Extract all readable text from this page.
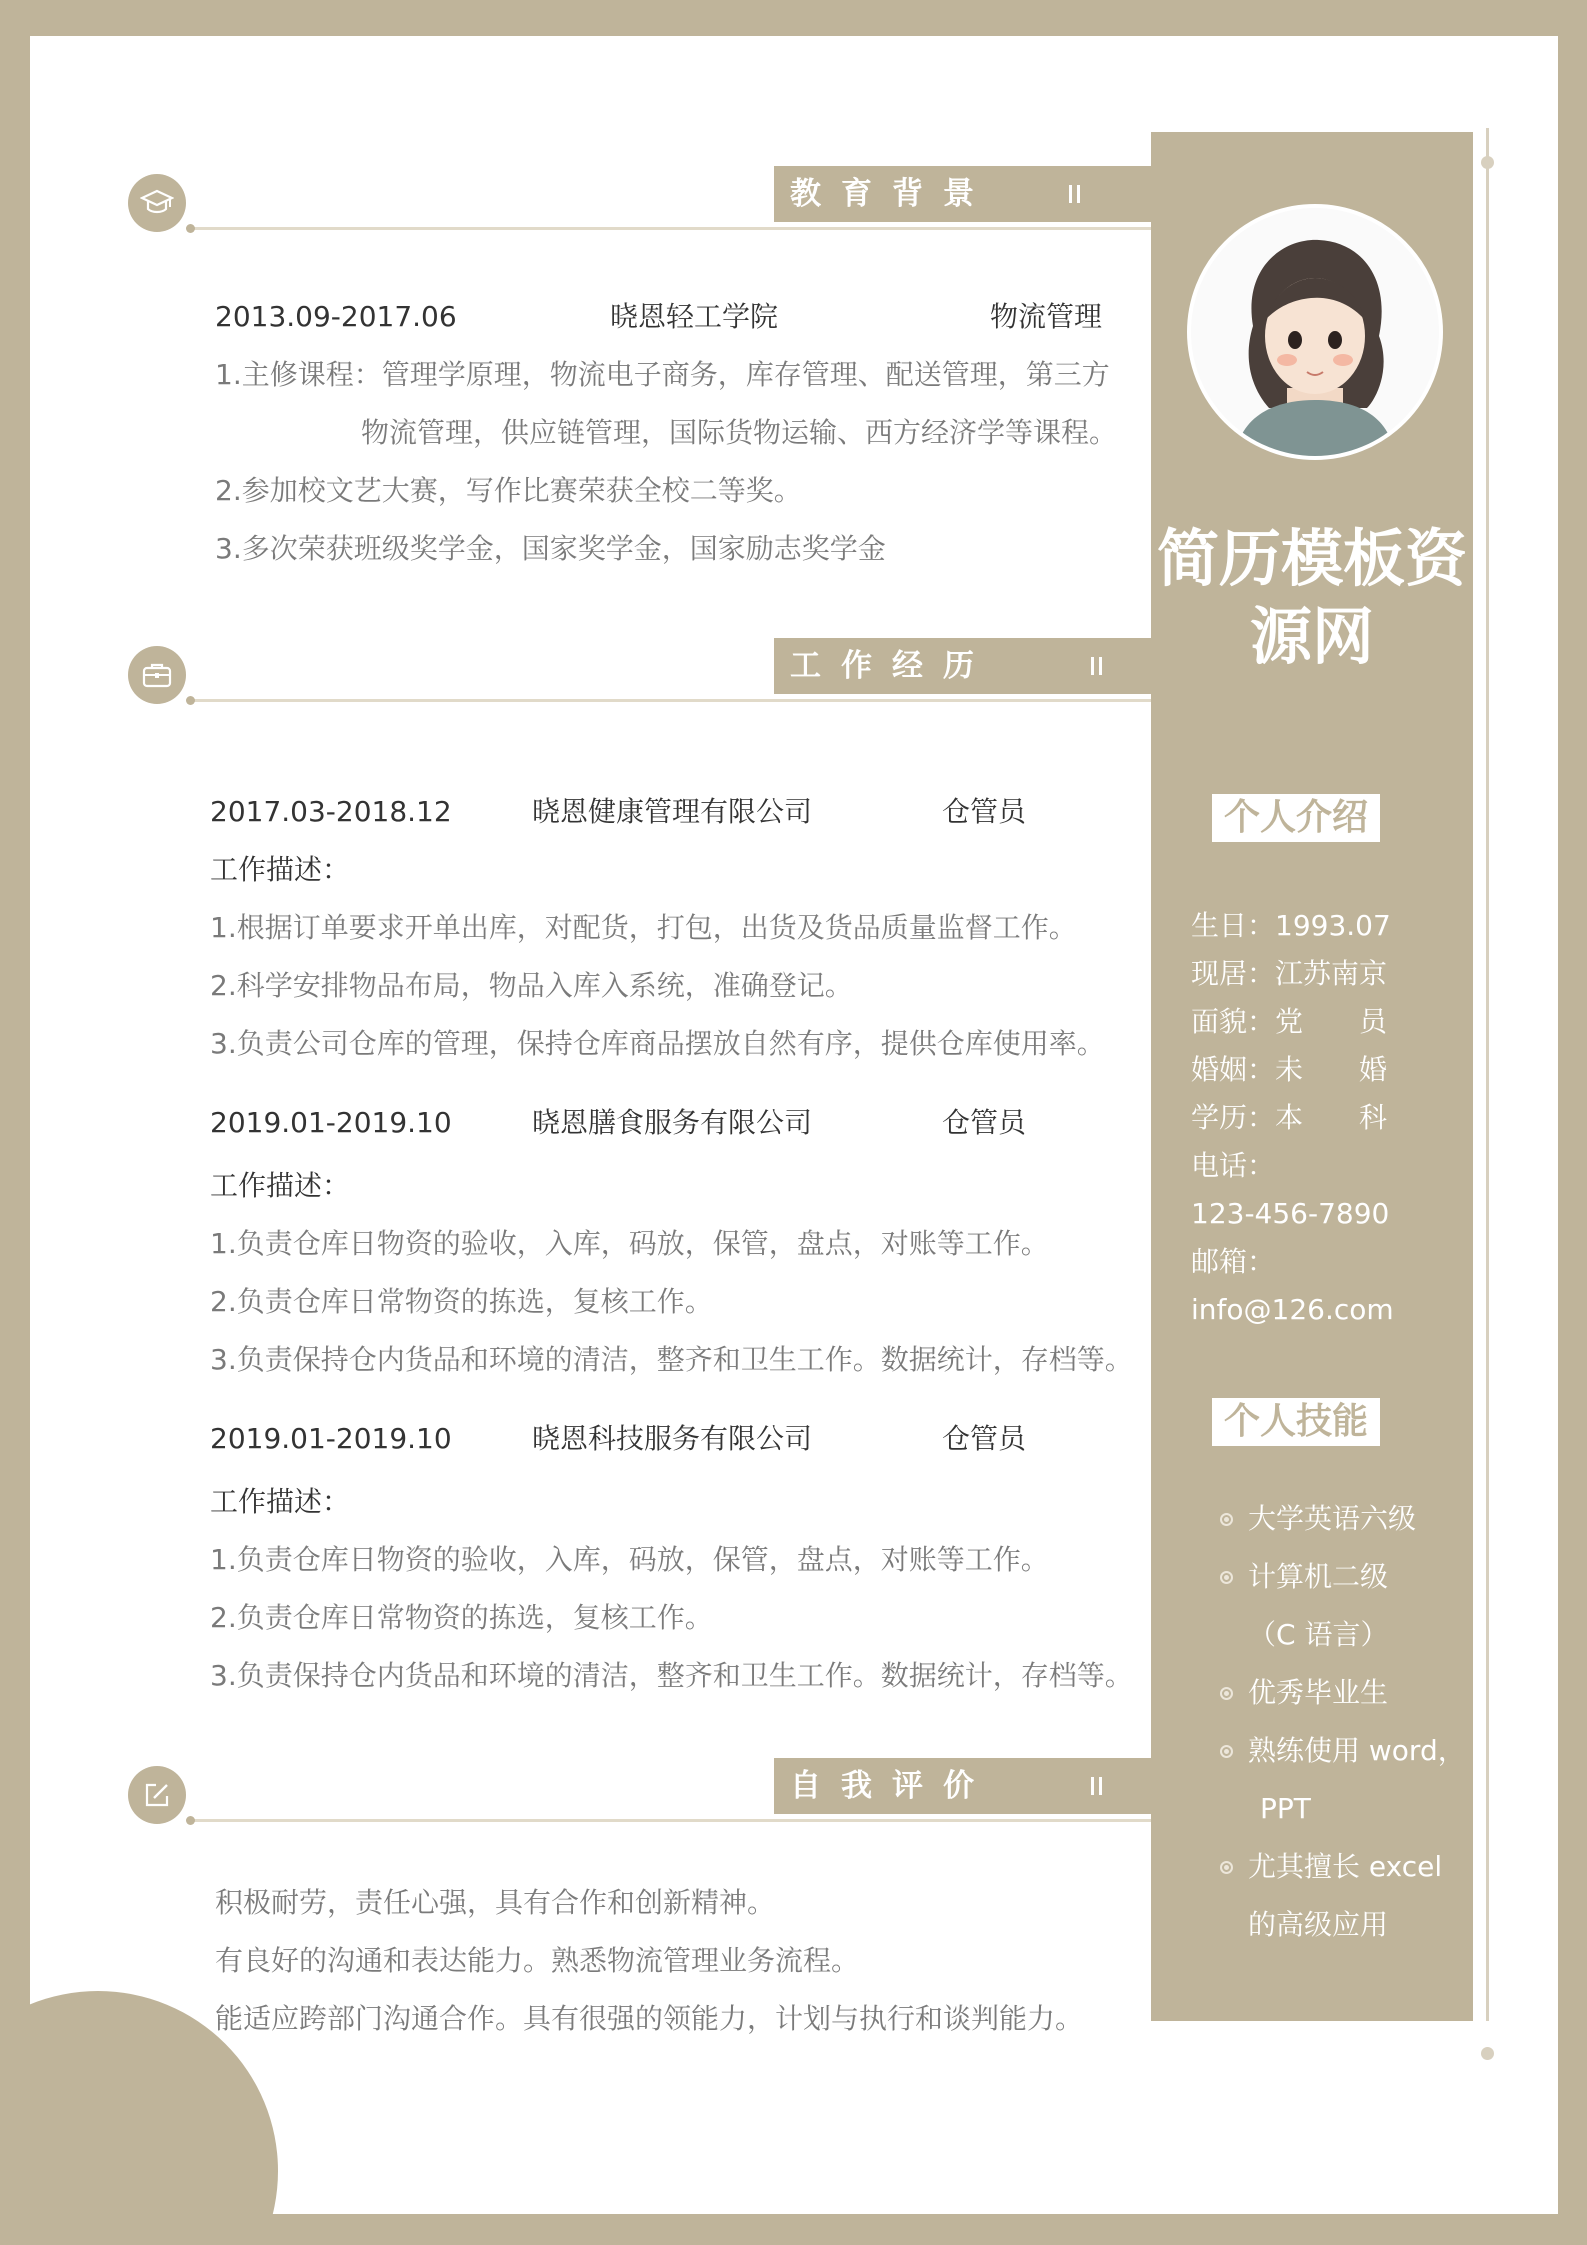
教育背景
2013.09-2017.06	晓恩轻工学院	物流管理
1.主修课程：管理学原理，物流电子商务，库存管理、配送管理，第三方
物流管理，供应链管理，国际货物运输、西方经济学等课程。
2.参加校文艺大赛，写作比赛荣获全校二等奖。
3.多次荣获班级奖学金，国家奖学金，国家励志奖学金
工作经历
2017.03-2018.12	晓恩健康管理有限公司	仓管员
工作描述：
1.根据订单要求开单出库，对配货，打包，出货及货品质量监督工作。
2.科学安排物品布局，物品入库入系统，准确登记。
3.负责公司仓库的管理，保持仓库商品摆放自然有序，提供仓库使用率。
2019.01-2019.10	晓恩膳食服务有限公司	仓管员
工作描述：
1.负责仓库日物资的验收，入库，码放，保管，盘点，对账等工作。
2.负责仓库日常物资的拣选，复核工作。
3.负责保持仓内货品和环境的清洁，整齐和卫生工作。数据统计，存档等。
2019.01-2019.10	晓恩科技服务有限公司	仓管员
工作描述：
1.负责仓库日物资的验收，入库，码放，保管，盘点，对账等工作。
2.负责仓库日常物资的拣选，复核工作。
3.负责保持仓内货品和环境的清洁，整齐和卫生工作。数据统计，存档等。
自我评价
积极耐劳，责任心强，具有合作和创新精神。
有良好的沟通和表达能力。熟悉物流管理业务流程。
能适应跨部门沟通合作。具有很强的领能力，计划与执行和谈判能力。
简历模板资
源网
个人介绍
生日：1993.07
现居：江苏南京
面貌：党　　员
婚姻：未　　婚
学历：本　　科
电话：
123-456-7890
邮箱：
info@126.com
个人技能
大学英语六级
计算机二级
（C 语言）
优秀毕业生
熟练使用 word，
PPT
尤其擅长 excel
的高级应用
